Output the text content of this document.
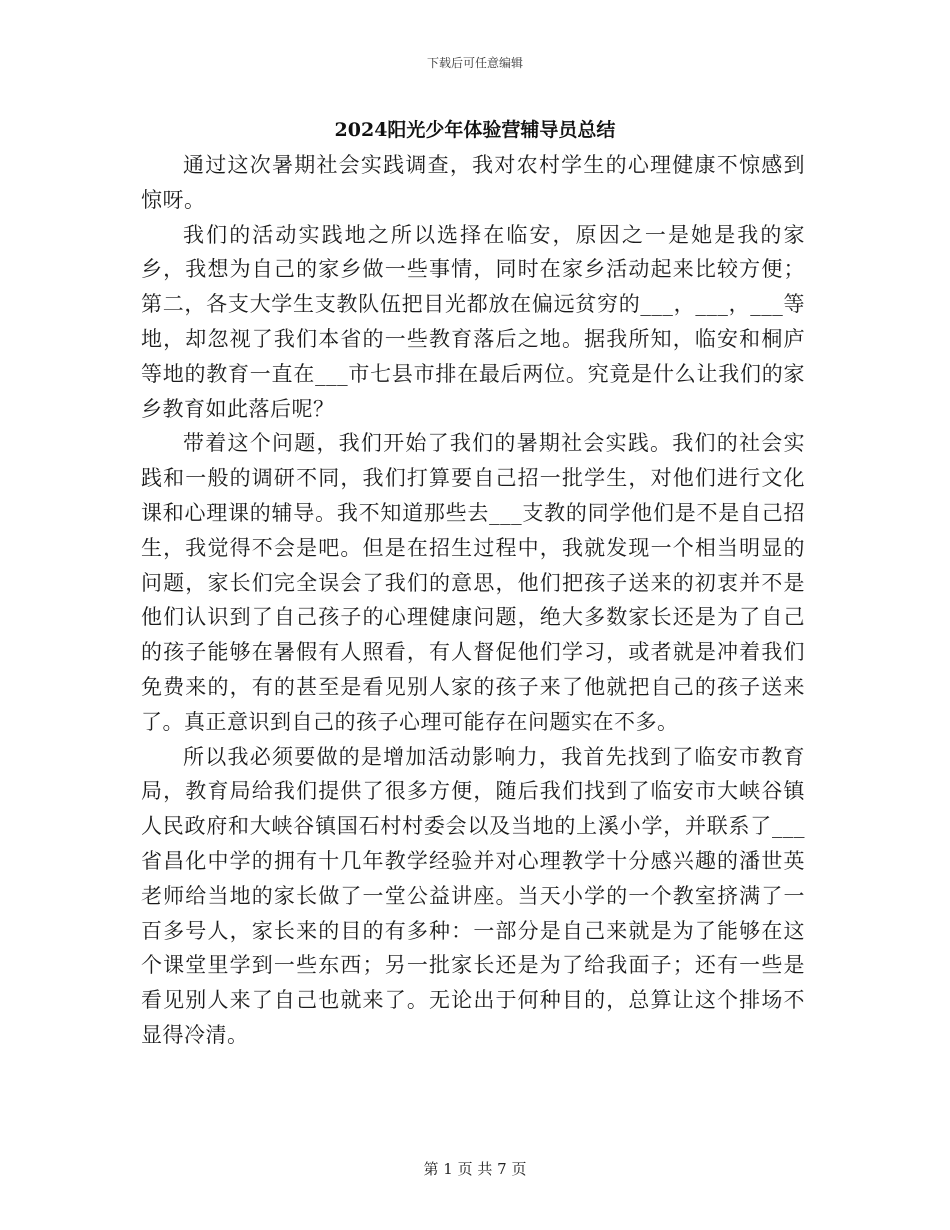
下载后可任意编辑
2024阳光少年体验营辅导员总结

通过这次暑期社会实践调查，我对农村学生的心理健康不惊感到惊呀。

我们的活动实践地之所以选择在临安，原因之一是她是我的家乡，我想为自己的家乡做一些事情，同时在家乡活动起来比较方便；第二，各支大学生支教队伍把目光都放在偏远贫穷的___，___，___等地，却忽视了我们本省的一些教育落后之地。据我所知，临安和桐庐等地的教育一直在___市七县市排在最后两位。究竟是什么让我们的家乡教育如此落后呢？

带着这个问题，我们开始了我们的暑期社会实践。我们的社会实践和一般的调研不同，我们打算要自己招一批学生，对他们进行文化课和心理课的辅导。我不知道那些去___支教的同学他们是不是自己招生，我觉得不会是吧。但是在招生过程中，我就发现一个相当明显的问题，家长们完全误会了我们的意思，他们把孩子送来的初衷并不是他们认识到了自己孩子的心理健康问题，绝大多数家长还是为了自己的孩子能够在暑假有人照看，有人督促他们学习，或者就是冲着我们免费来的，有的甚至是看见别人家的孩子来了他就把自己的孩子送来了。真正意识到自己的孩子心理可能存在问题实在不多。

所以我必须要做的是增加活动影响力，我首先找到了临安市教育局，教育局给我们提供了很多方便，随后我们找到了临安市大峡谷镇人民政府和大峡谷镇国石村村委会以及当地的上溪小学，并联系了___省昌化中学的拥有十几年教学经验并对心理教学十分感兴趣的潘世英老师给当地的家长做了一堂公益讲座。当天小学的一个教室挤满了一百多号人，家长来的目的有多种：一部分是自己来就是为了能够在这个课堂里学到一些东西；另一批家长还是为了给我面子；还有一些是看见别人来了自己也就来了。无论出于何种目的，总算让这个排场不显得冷清。

第 1 页 共 7 页
